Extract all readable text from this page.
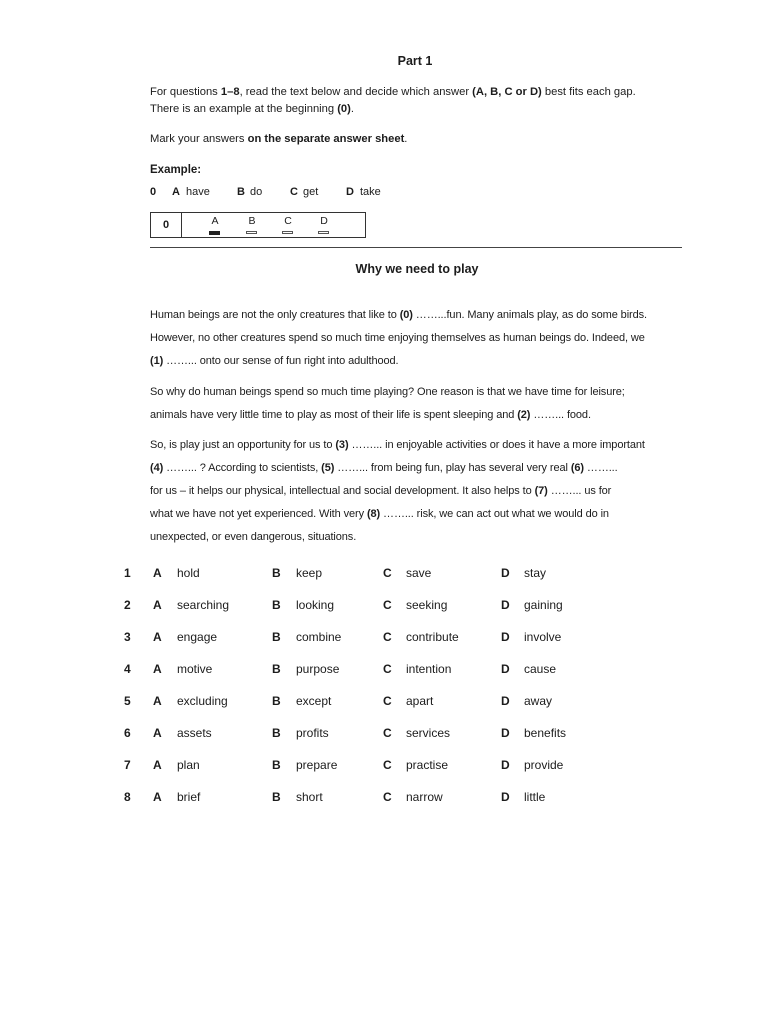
Part 1
For questions 1–8, read the text below and decide which answer (A, B, C or D) best fits each gap.
There is an example at the beginning (0).
Mark your answers on the separate answer sheet.
Example:
0 A have B do	C get	D take
0	A	B	C	D
Why we need to play

Human beings are not the only creatures that like to (0) ……...fun. Many animals play, as do some birds.

However, no other creatures spend so much time enjoying themselves as human beings do. Indeed, we

(1) ……... onto our sense of fun right into adulthood.

So why do human beings spend so much time playing? One reason is that we have time for leisure;

animals have very little time to play as most of their life is spent sleeping and (2) ……... food.

So, is play just an opportunity for us to (3) ……... in enjoyable activities or does it have a more important

(4) ……... ? According to scientists, (5) ……... from being fun, play has several very real (6) ……...

for us – it helps our physical, intellectual and social development. It also helps to (7) ……... us for

what we have not yet experienced. With very (8) ……... risk, we can act out what we would do in

unexpected, or even dangerous, situations.

1 A hold	B keep	C save	D stay
2 A searching	B looking	C seeking	D gaining
3 A engage	B combine	C contribute	D involve
4 A motive	B purpose	C intention	D cause
5 A excluding	B except	C apart	D away
6 A assets	B profits	C services	D benefits
7 A plan	B prepare	C practise	D provide
8 A brief	B short	C narrow	D little
